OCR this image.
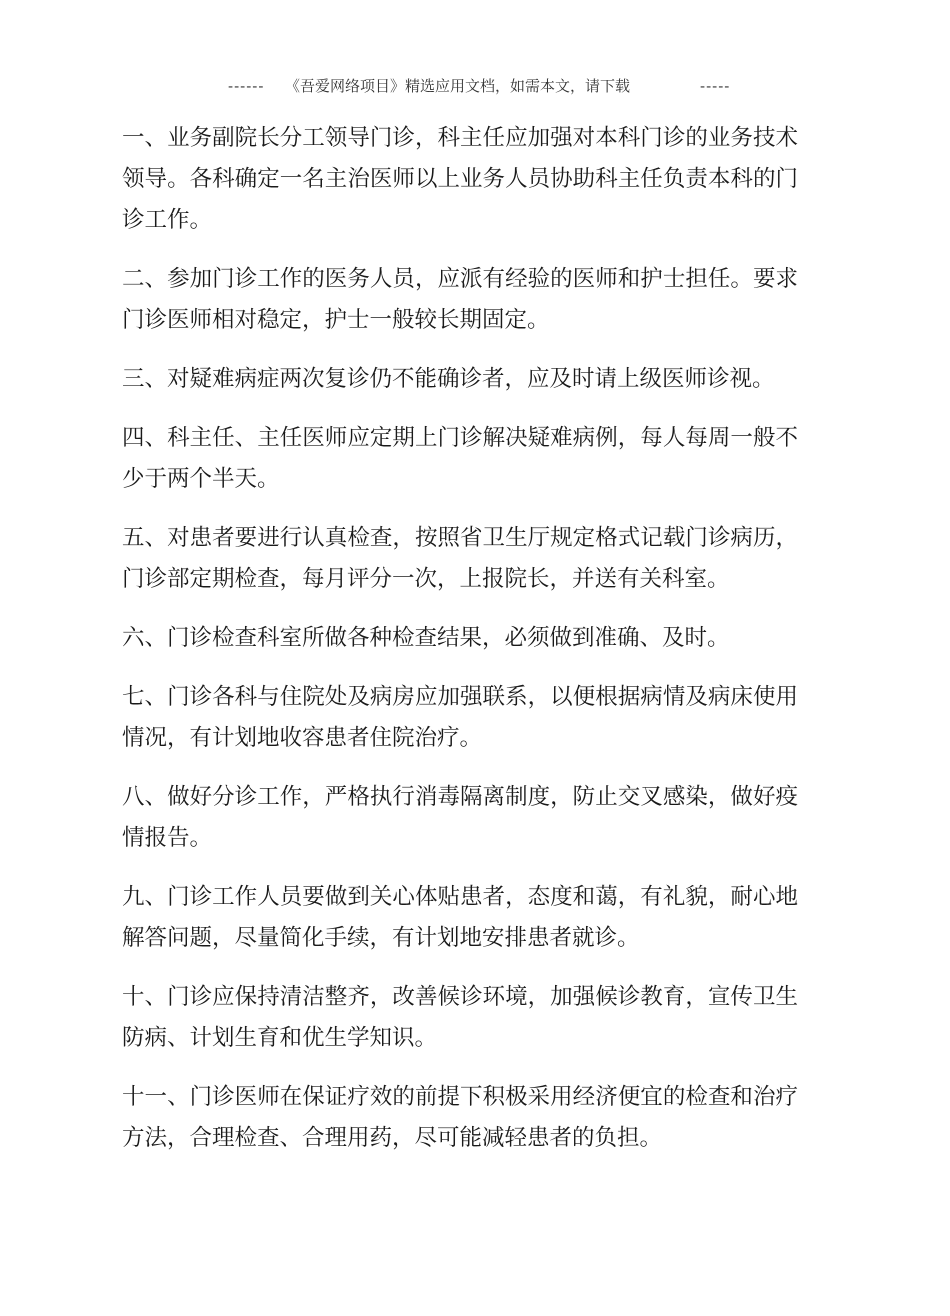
------ 《吾爱网络项目》精选应用文档，如需本文，请下载	-----

一、业务副院长分工领导门诊，科主任应加强对本科门诊的业务技术领导。各科确定一名主治医师以上业务人员协助科主任负责本科的门诊工作。

二、参加门诊工作的医务人员，应派有经验的医师和护士担任。要求门诊医师相对稳定，护士一般较长期固定。

三、对疑难病症两次复诊仍不能确诊者，应及时请上级医师诊视。

四、科主任、主任医师应定期上门诊解决疑难病例，每人每周一般不少于两个半天。

五、对患者要进行认真检查，按照省卫生厅规定格式记载门诊病历，门诊部定期检查，每月评分一次，上报院长，并送有关科室。

六、门诊检查科室所做各种检查结果，必须做到准确、及时。

七、门诊各科与住院处及病房应加强联系，以便根据病情及病床使用情况，有计划地收容患者住院治疗。

八、做好分诊工作，严格执行消毒隔离制度，防止交叉感染，做好疫情报告。

九、门诊工作人员要做到关心体贴患者，态度和蔼，有礼貌，耐心地解答问题，尽量简化手续，有计划地安排患者就诊。

十、门诊应保持清洁整齐，改善候诊环境，加强候诊教育，宣传卫生防病、计划生育和优生学知识。

十一、门诊医师在保证疗效的前提下积极采用经济便宜的检查和治疗方法，合理检查、合理用药，尽可能减轻患者的负担。
